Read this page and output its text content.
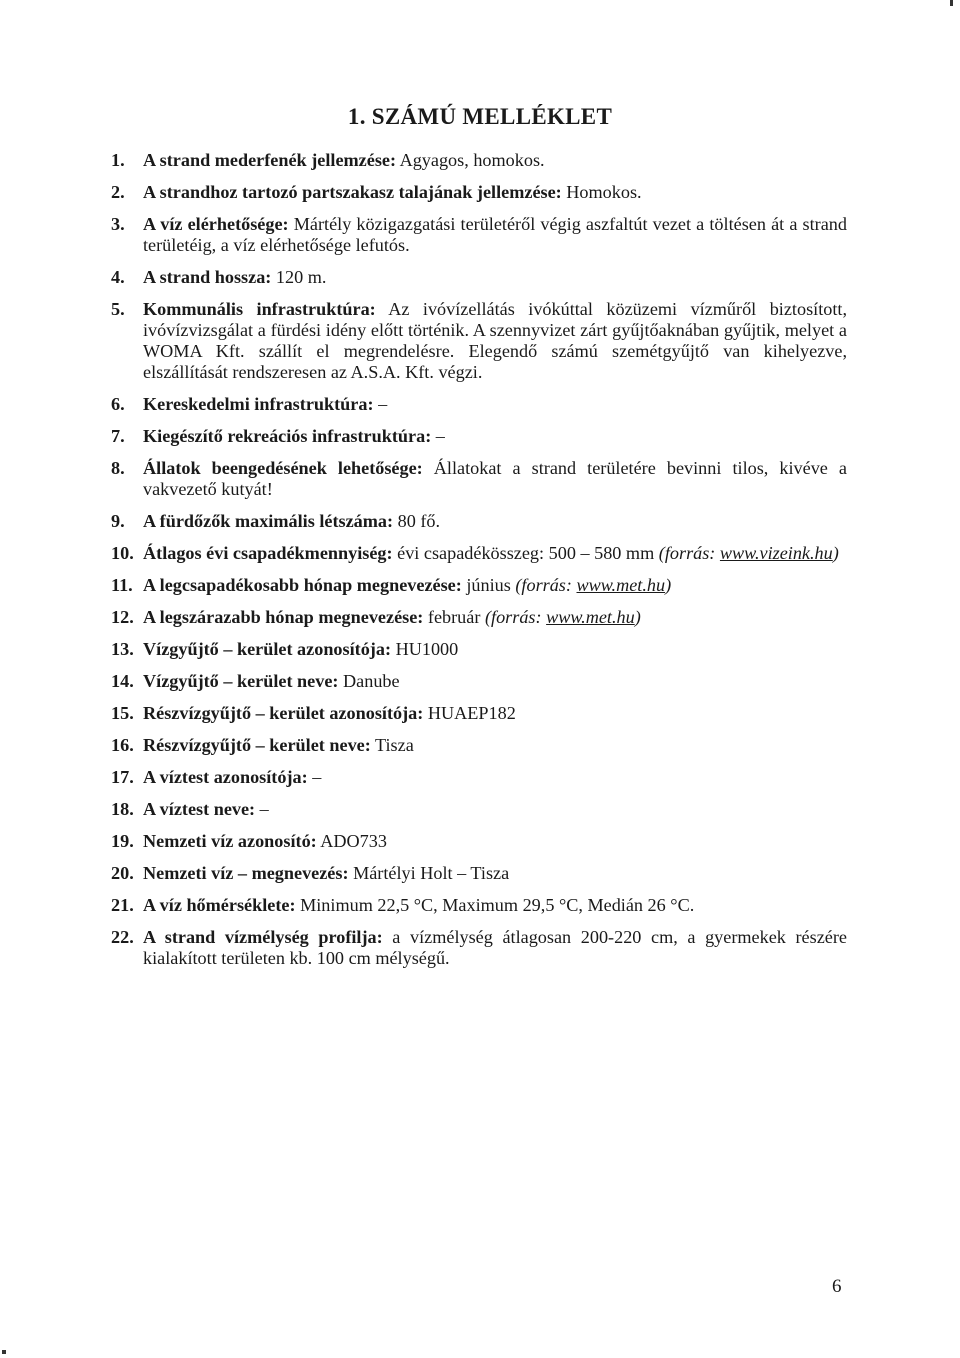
1. SZÁMÚ MELLÉKLET
1.	A strand mederfenék jellemzése: Agyagos, homokos.
2.	A strandhoz tartozó partszakasz talajának jellemzése: Homokos.
3.	A víz elérhetősége: Mártély közigazgatási területéről végig aszfaltút vezet a töltésen át a strand területéig, a víz elérhetősége lefutós.
4.	A strand hossza: 120 m.
5.	Kommunális infrastruktúra: Az ivóvízellátás ivókúttal közüzemi vízműről biztosított, ivóvízvizsgálat a fürdési idény előtt történik. A szennyvizet zárt gyűjtőaknában gyűjtik, melyet a WOMA Kft. szállít el megrendelésre. Elegendő számú szemétgyűjtő van kihelyezve, elszállítását rendszeresen az A.S.A. Kft. végzi.
6.	Kereskedelmi infrastruktúra: –
7.	Kiegészítő rekreációs infrastruktúra: –
8.	Állatok beengedésének lehetősége: Állatokat a strand területére bevinni tilos, kivéve a vakvezető kutyát!
9.	A fürdőzők maximális létszáma: 80 fő.
10. Átlagos évi csapadékmennyiség: évi csapadékösszeg: 500 – 580 mm (forrás: www.vizeink.hu)
11. A legcsapadékosabb hónap megnevezése: június (forrás: www.met.hu)
12. A legszárazabb hónap megnevezése: február (forrás: www.met.hu)
13. Vízgyűjtő – kerület azonosítója: HU1000
14. Vízgyűjtő – kerület neve: Danube
15. Részvízgyűjtő – kerület azonosítója: HUAEP182
16. Részvízgyűjtő – kerület neve: Tisza
17. A víztest azonosítója: –
18. A víztest neve: –
19. Nemzeti víz azonosító: ADO733
20. Nemzeti víz – megnevezés: Mártélyi Holt – Tisza
21. A víz hőmérséklete: Minimum 22,5 °C, Maximum 29,5 °C, Medián 26 °C.
22. A strand vízmélység profilja: a vízmélység átlagosan 200-220 cm, a gyermekek részére kialakított területen kb. 100 cm mélységű.
6
